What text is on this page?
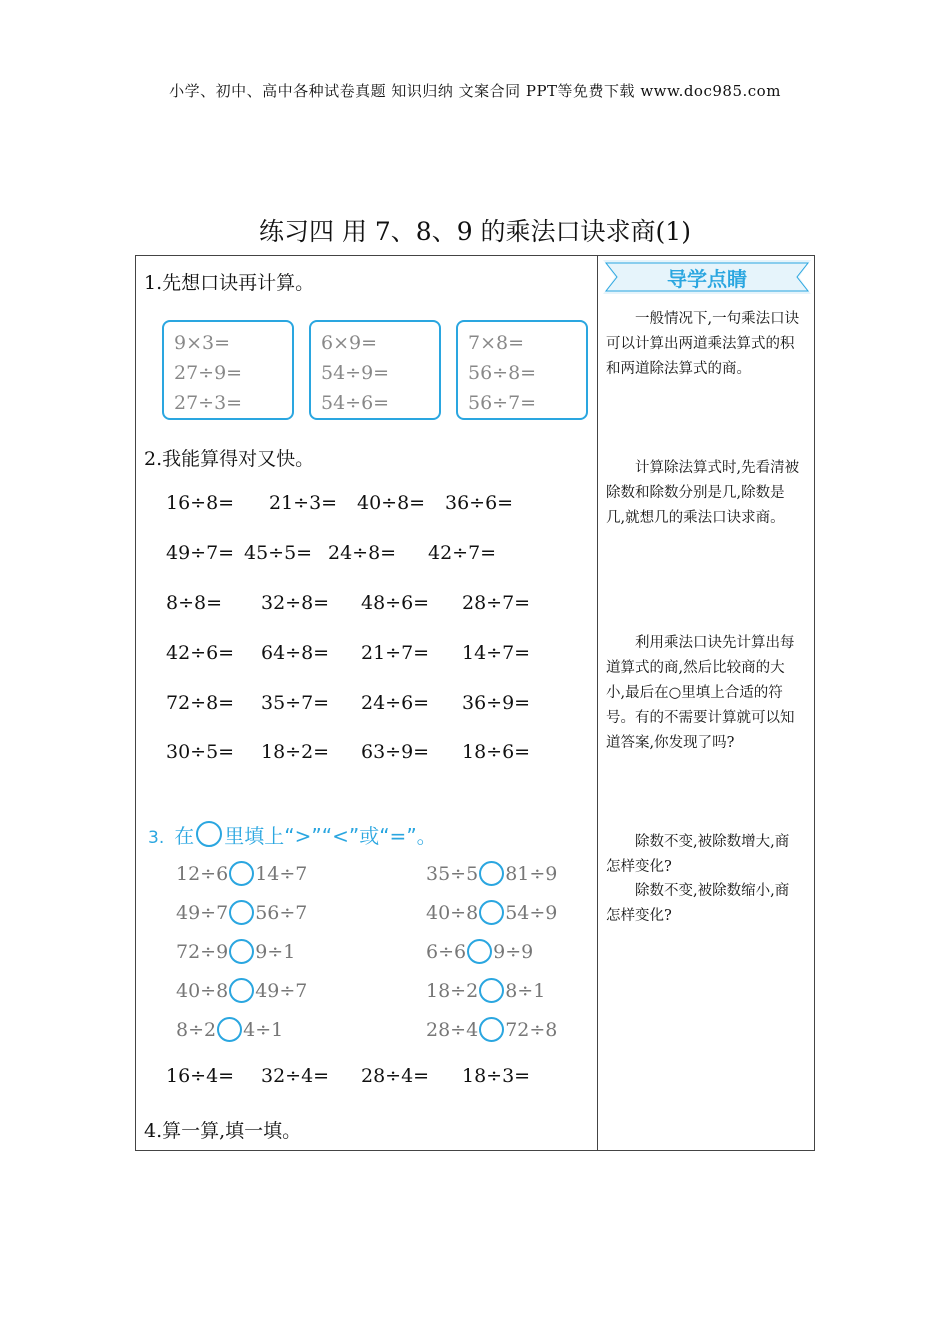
小学、初中、高中各种试卷真题 知识归纳 文案合同 PPT等免费下载 www.doc985.com
练习四 用 7、8、9 的乘法口诀求商(1)
1.先想口诀再计算。
9×3=
27÷9=
27÷3=
6×9=
54÷9=
54÷6=
7×8=
56÷8=
56÷7=
2.我能算得对又快。
16÷8= 21÷3= 40÷8= 36÷6=
49÷7= 45÷5= 24÷8= 42÷7=
8÷8= 32÷8= 48÷6= 28÷7=
42÷6= 64÷8= 21÷7= 14÷7=
72÷8= 35÷7= 24÷6= 36÷9=
30÷5= 18÷2= 63÷9= 18÷6=
3. 在 里填上“>”“<”或“=”。
12÷6 14÷7
49÷7 56÷7
72÷9 9÷1
40÷8 49÷7
8÷2 4÷1
35÷5 81÷9
40÷8 54÷9
6÷6 9÷9
18÷2 8÷1
28÷4 72÷8
16÷4= 32÷4= 28÷4= 18÷3=
4.算一算,填一填。
导学点睛
一般情况下,一句乘法口诀可以计算出两道乘法算式的积和两道除法算式的商。
计算除法算式时,先看清被除数和除数分别是几,除数是几,就想几的乘法口诀求商。
利用乘法口诀先计算出每道算式的商,然后比较商的大小,最后在○里填上合适的符号。有的不需要计算就可以知道答案,你发现了吗?
除数不变,被除数增大,商怎样变化?
除数不变,被除数缩小,商怎样变化?
